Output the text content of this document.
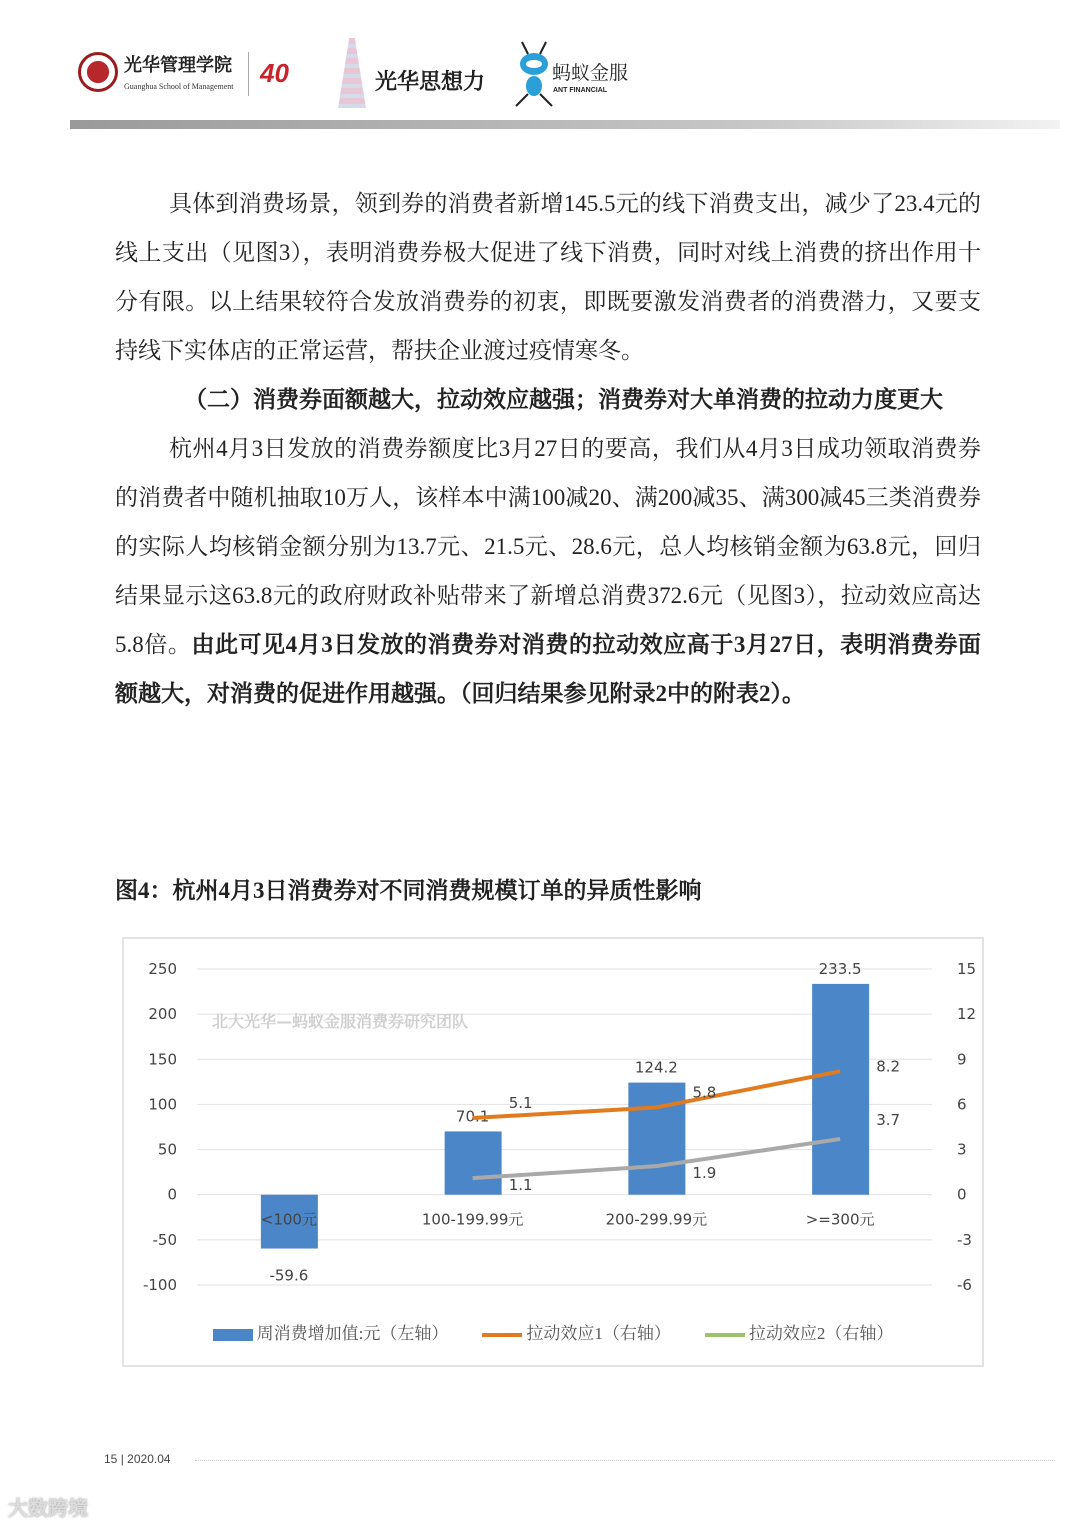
光华管理学院
Guanghua School of Management 40	光华思想力	蚂蚁金服
ANT FINANCIAL

具体到消费场景，领到券的消费者新增145.5元的线下消费支出，减少了23.4元的线上支出（见图3），表明消费券极大促进了线下消费，同时对线上消费的挤出作用十分有限。以上结果较符合发放消费券的初衷，即既要激发消费者的消费潜力，又要支持线下实体店的正常运营，帮扶企业渡过疫情寒冬。

（二）消费券面额越大，拉动效应越强；消费券对大单消费的拉动力度更大

杭州4月3日发放的消费券额度比3月27日的要高，我们从4月3日成功领取消费券的消费者中随机抽取10万人，该样本中满100减20、满200减35、满300减45三类消费券的实际人均核销金额分别为13.7元、21.5元、28.6元，总人均核销金额为63.8元，回归结果显示这63.8元的政府财政补贴带来了新增总消费372.6元（见图3），拉动效应高达5.8倍。由此可见4月3日发放的消费券对消费的拉动效应高于3月27日，表明消费券面额越大，对消费的促进作用越强。（回归结果参见附录2中的附表2）。

图4：杭州4月3日消费券对不同消费规模订单的异质性影响
250
200
150
100
50
0
-50
-100
15
12
9
6
3
0
-3
-6
北大光华—蚂蚁金服消费券研究团队
-59.6
<100元
70.1
100-199.99元
124.2
200-299.99元
233.5
>=300元
5.1
5.8
8.2
1.1
1.9
3.7
周消费增加值:元（左轴）	拉动效应1（右轴）	拉动效应2（右轴）
15 | 2020.04
大数跨境
